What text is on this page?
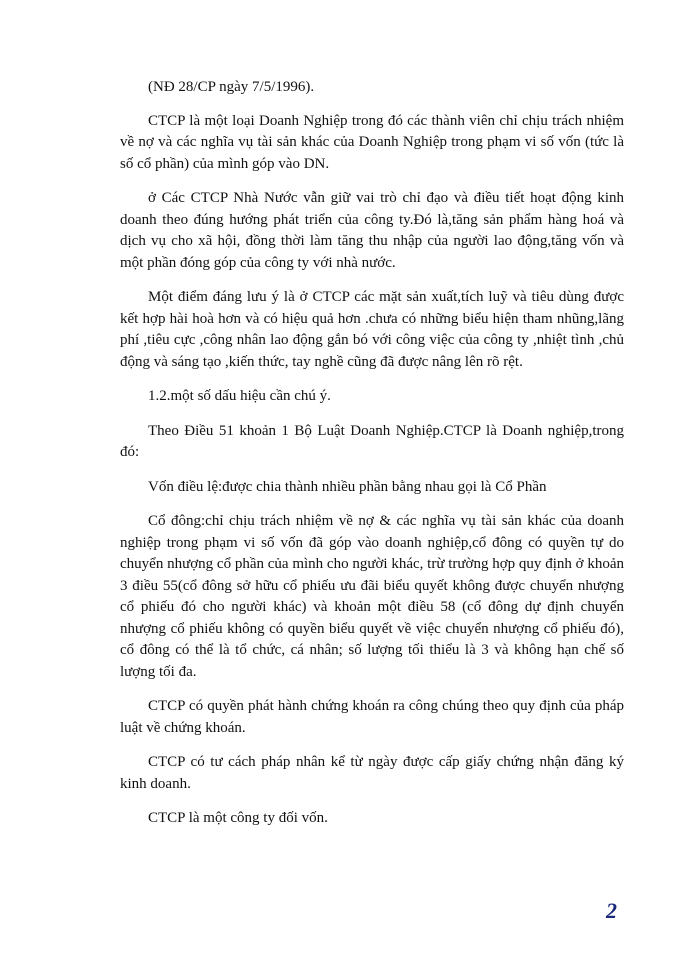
(NĐ 28/CP ngày 7/5/1996).

CTCP là một loại Doanh Nghiệp trong đó các thành viên chỉ chịu trách nhiệm về nợ và các nghĩa vụ tài sản khác của Doanh Nghiệp trong phạm vi số vốn (tức là số cổ phần) của mình góp vào DN.

ở Các CTCP Nhà Nước vẫn giữ vai trò chỉ đạo và điều tiết hoạt động kinh doanh theo đúng hướng phát triển của công ty.Đó là,tăng sản phẩm hàng hoá và dịch vụ cho xã hội, đồng thời làm tăng thu nhập của người lao động,tăng vốn và một phần đóng góp của công ty với nhà nước.

Một điểm đáng lưu ý là ở CTCP các mặt sản xuất,tích luỹ và tiêu dùng được kết hợp hài hoà hơn và có hiệu quả hơn .chưa có những biểu hiện tham nhũng,lãng phí ,tiêu cực ,công nhân lao động gắn bó với công việc của công ty ,nhiệt tình ,chủ động và sáng tạo ,kiến thức, tay nghề cũng đã được nâng lên rõ rệt.

1.2.một số dấu hiệu cần chú ý.

Theo Điều 51 khoản 1 Bộ Luật Doanh Nghiệp.CTCP là Doanh nghiệp,trong đó:

Vốn điều lệ:được chia thành nhiều phần bằng nhau gọi là Cổ Phần

Cổ đông:chỉ chịu trách nhiệm về nợ & các nghĩa vụ tài sản khác của doanh nghiệp trong phạm vi số vốn đã góp vào doanh nghiệp,cổ đông có quyền tự do chuyển nhượng cổ phần của mình cho người khác, trừ trường hợp quy định ở khoản 3 điều 55(cổ đông sở hữu cổ phiếu ưu đãi biểu quyết không được chuyển nhượng cổ phiếu đó cho người khác) và khoản một điều 58 (cổ đông dự định chuyển nhượng cổ phiếu không có quyền biểu quyết về việc chuyển nhượng cổ phiếu đó), cổ đông có thể là tổ chức, cá nhân; số lượng tối thiểu là 3 và không hạn chế số lượng tối đa.

CTCP có quyền phát hành chứng khoán ra công chúng theo quy định của pháp luật về chứng khoán.

CTCP có tư cách pháp nhân kể từ ngày được cấp giấy chứng nhận đăng ký kinh doanh.

CTCP là một công ty đối vốn.

2
